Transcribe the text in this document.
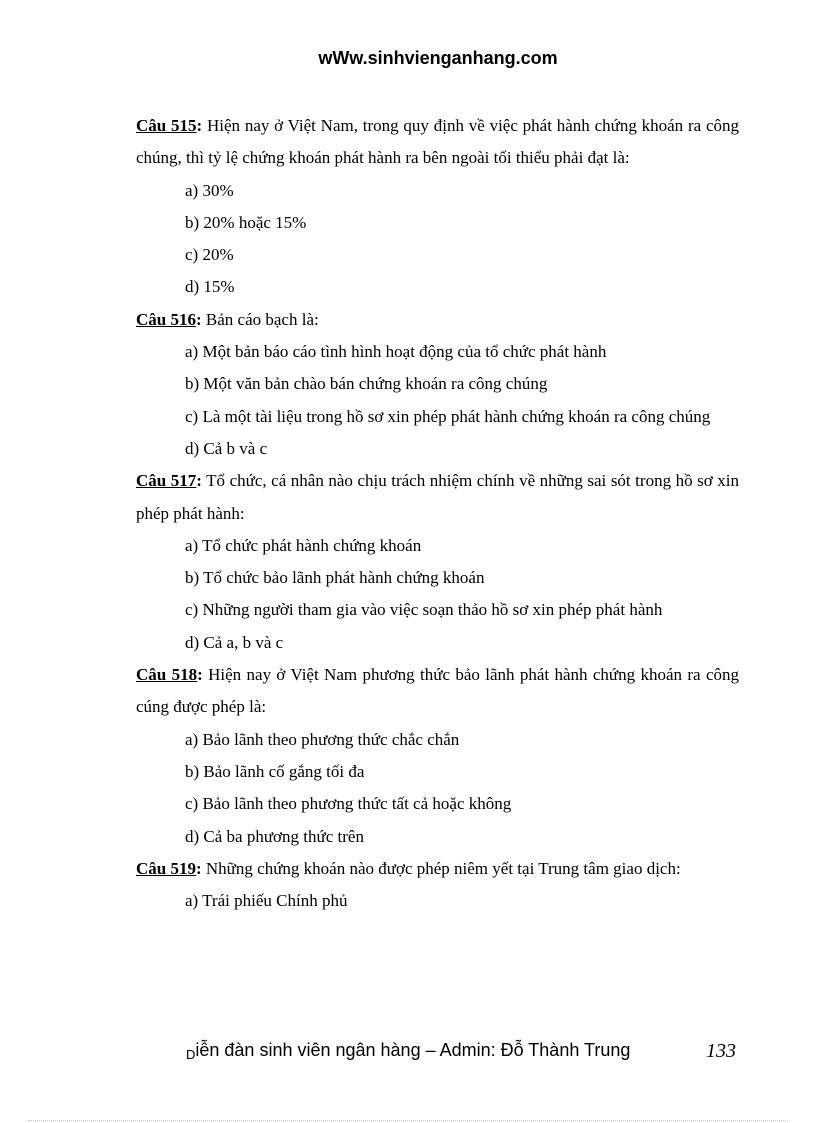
wWw.sinhvienganhang.com

Câu 515: Hiện nay ở Việt Nam, trong quy định về việc phát hành chứng khoán ra công chúng, thì tỷ lệ chứng khoán phát hành ra bên ngoài tối thiểu phải đạt là:

a) 30%

b) 20% hoặc 15%

c) 20%

d) 15%

Câu 516: Bản cáo bạch là:

a) Một bản báo cáo tình hình hoạt động của tổ chức phát hành

b) Một văn bản chào bán chứng khoán ra công chúng

c) Là một tài liệu trong hồ sơ xin phép phát hành chứng khoán ra công chúng

d) Cả b và c

Câu 517: Tổ chức, cá nhân nào chịu trách nhiệm chính về những sai sót trong hồ sơ xin phép phát hành:

a) Tổ chức phát hành chứng khoán

b) Tổ chức bảo lãnh phát hành chứng khoán

c) Những người tham gia vào việc soạn thảo hồ sơ xin phép phát hành

d) Cả a, b và c

Câu 518: Hiện nay ở Việt Nam phương thức bảo lãnh phát hành chứng khoán ra công cúng được phép là:

a) Bảo lãnh theo phương thức chắc chắn

b) Bảo lãnh cố gắng tối đa

c) Bảo lãnh theo phương thức tất cả hoặc không

d) Cả ba phương thức trên

Câu 519: Những chứng khoán nào được phép niêm yết tại Trung tâm giao dịch:

a) Trái phiếu Chính phủ

Diễn đàn sinh viên ngân hàng – Admin: Đỗ Thành Trung	133
